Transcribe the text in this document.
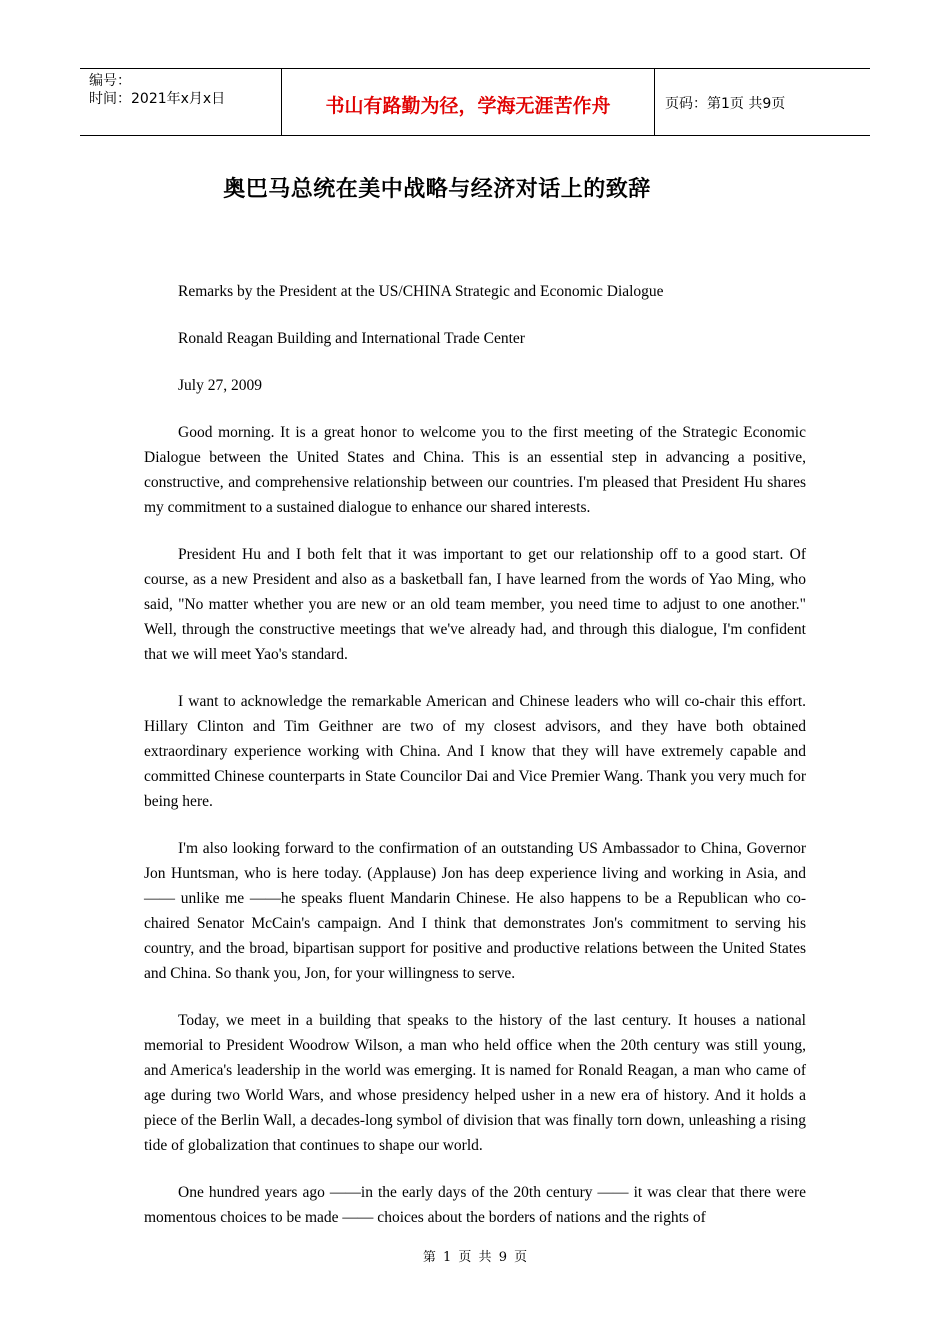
编号：
时间：2021年x月x日	书山有路勤为径，学海无涯苦作舟	页码：第1页 共9页
奥巴马总统在美中战略与经济对话上的致辞

Remarks by the President at the US/CHINA Strategic and Economic Dialogue

Ronald Reagan Building and International Trade Center

July 27, 2009

Good morning. It is a great honor to welcome you to the first meeting of the Strategic Economic Dialogue between the United States and China. This is an essential step in advancing a positive, constructive, and comprehensive relationship between our countries. I'm pleased that President Hu shares my commitment to a sustained dialogue to enhance our shared interests.

President Hu and I both felt that it was important to get our relationship off to a good start. Of course, as a new President and also as a basketball fan, I have learned from the words of Yao Ming, who said, "No matter whether you are new or an old team member, you need time to adjust to one another." Well, through the constructive meetings that we've already had, and through this dialogue, I'm confident that we will meet Yao's standard.

I want to acknowledge the remarkable American and Chinese leaders who will co-chair this effort. Hillary Clinton and Tim Geithner are two of my closest advisors, and they have both obtained extraordinary experience working with China. And I know that they will have extremely capable and committed Chinese counterparts in State Councilor Dai and Vice Premier Wang. Thank you very much for being here.

I'm also looking forward to the confirmation of an outstanding US Ambassador to China, Governor Jon Huntsman, who is here today. (Applause) Jon has deep experience living and working in Asia, and —— unlike me ——he speaks fluent Mandarin Chinese. He also happens to be a Republican who co-chaired Senator McCain's campaign. And I think that demonstrates Jon's commitment to serving his country, and the broad, bipartisan support for positive and productive relations between the United States and China. So thank you, Jon, for your willingness to serve.

Today, we meet in a building that speaks to the history of the last century. It houses a national memorial to President Woodrow Wilson, a man who held office when the 20th century was still young, and America's leadership in the world was emerging. It is named for Ronald Reagan, a man who came of age during two World Wars, and whose presidency helped usher in a new era of history. And it holds a piece of the Berlin Wall, a decades-long symbol of division that was finally torn down, unleashing a rising tide of globalization that continues to shape our world.

One hundred years ago ——in the early days of the 20th century —— it was clear that there were momentous choices to be made —— choices about the borders of nations and the rights of

第 1 页 共 9 页
